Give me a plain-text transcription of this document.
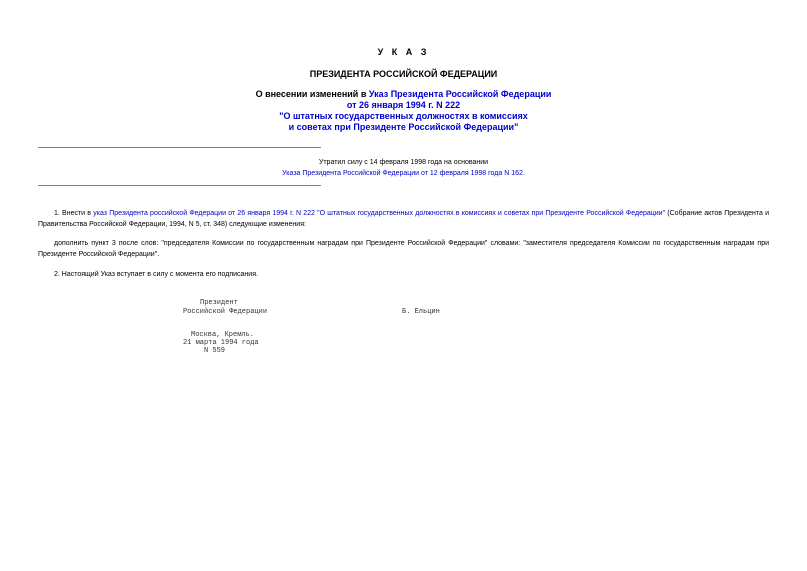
У К А З
ПРЕЗИДЕНТА РОССИЙСКОЙ ФЕДЕРАЦИИ
О внесении изменений в Указ Президента Российской Федерации
от 26 января 1994 г. N 222
"О штатных государственных должностях в комиссиях
и советах при Президенте Российской Федерации"
Утратил силу с 14 февраля 1998 года на основании
Указа Президента Российской Федерации от 12 февраля 1998 года N 162.
1. Внести в указ Президента российской Федерации от 26 января 1994 г. N 222 "О штатных государственных должностях в комиссиях и советах при Президенте Российской Федерации" (Собрание актов Президента и Правительства Российской Федерации, 1994, N 5, ст. 348) следующие изменения:
дополнить пункт 3 после слов: "председателя Комиссии по государственным наградам при Президенте Российской Федерации" словами: "заместителя председателя Комиссии по государственным наградам при Президенте Российской Федерации".
2. Настоящий Указ вступает в силу с момента его подписания.
Президент
Российской Федерации	Б. Ельцин
Москва, Кремль.
21 марта 1994 года
N 559
